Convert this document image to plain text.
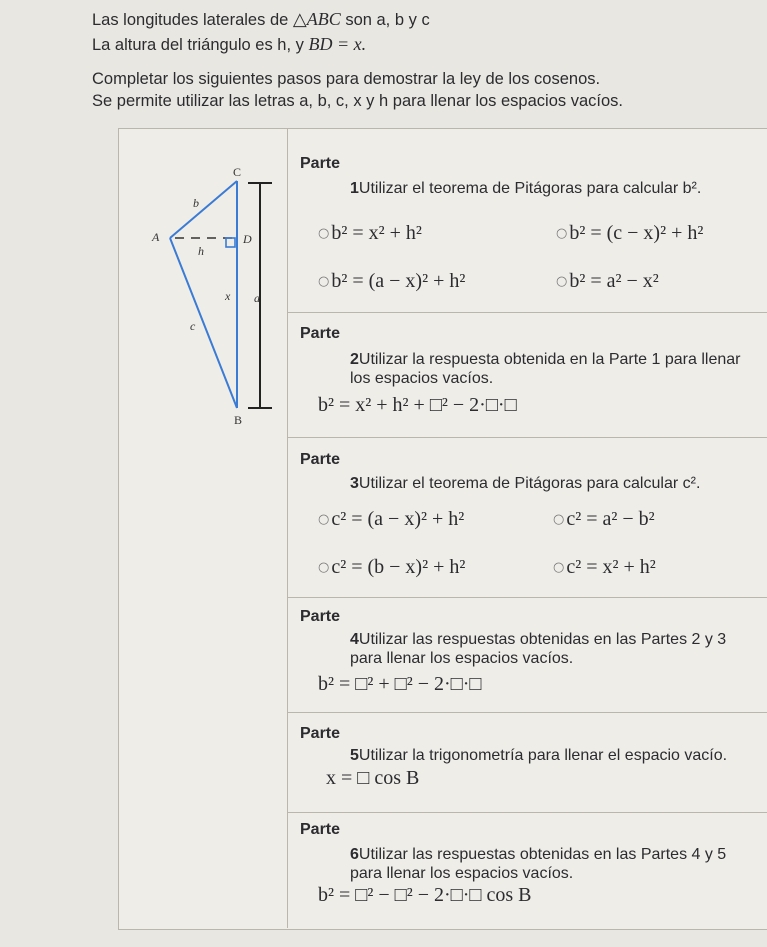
Las longitudes laterales de △ABC son a, b y c
La altura del triángulo es h, y BD = x.
Completar los siguientes pasos para demostrar la ley de los cosenos.
Se permite utilizar las letras a, b, c, x y h para llenar los espacios vacíos.
C
A	D
B
b
h
x a
c
Parte
1Utilizar el teorema de Pitágoras para calcular b².
○ b² = x² + h²	○ b² = (c − x)² + h²
○ b² = (a − x)² + h²	○ b² = a² − x²
Parte
2Utilizar la respuesta obtenida en la Parte 1 para llenar los espacios vacíos.
b² = x² + h² + □² − 2·□·□
Parte
3Utilizar el teorema de Pitágoras para calcular c².
○ c² = (a − x)² + h²	○ c² = a² − b²
○ c² = (b − x)² + h²	○ c² = x² + h²
Parte
4Utilizar las respuestas obtenidas en las Partes 2 y 3 para llenar los espacios vacíos.
b² = □² + □² − 2·□·□
Parte
5Utilizar la trigonometría para llenar el espacio vacío.
x = □ cos B
Parte
6Utilizar las respuestas obtenidas en las Partes 4 y 5 para llenar los espacios vacíos.
b² = □² − □² − 2·□·□ cos B
